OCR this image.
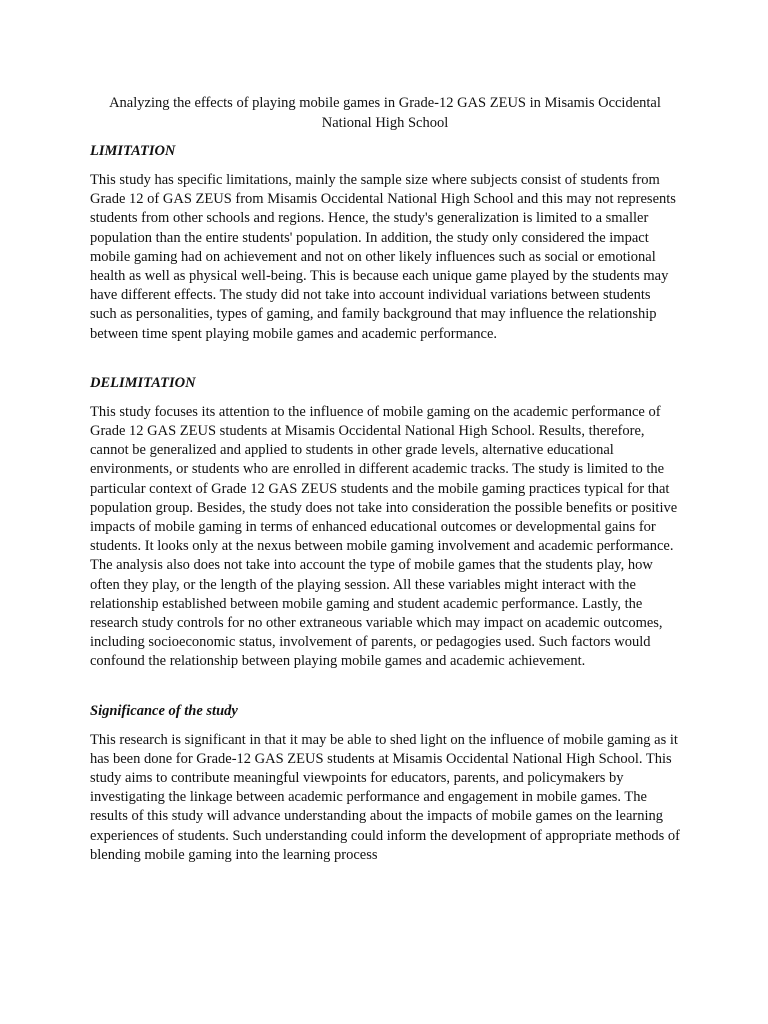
Analyzing the effects of playing mobile games in Grade-12 GAS ZEUS in Misamis Occidental National High School

LIMITATION

This study has specific limitations, mainly the sample size where subjects consist of students from Grade 12 of GAS ZEUS from Misamis Occidental National High School and this may not represents students from other schools and regions. Hence, the study's generalization is limited to a smaller population than the entire students' population. In addition, the study only considered the impact mobile gaming had on achievement and not on other likely influences such as social or emotional health as well as physical well-being. This is because each unique game played by the students may have different effects. The study did not take into account individual variations between students such as personalities, types of gaming, and family background that may influence the relationship between time spent playing mobile games and academic performance.

DELIMITATION

This study focuses its attention to the influence of mobile gaming on the academic performance of Grade 12 GAS ZEUS students at Misamis Occidental National High School. Results, therefore, cannot be generalized and applied to students in other grade levels, alternative educational environments, or students who are enrolled in different academic tracks. The study is limited to the particular context of Grade 12 GAS ZEUS students and the mobile gaming practices typical for that population group. Besides, the study does not take into consideration the possible benefits or positive impacts of mobile gaming in terms of enhanced educational outcomes or developmental gains for students. It looks only at the nexus between mobile gaming involvement and academic performance. The analysis also does not take into account the type of mobile games that the students play, how often they play, or the length of the playing session. All these variables might interact with the relationship established between mobile gaming and student academic performance. Lastly, the research study controls for no other extraneous variable which may impact on academic outcomes, including socioeconomic status, involvement of parents, or pedagogies used. Such factors would confound the relationship between playing mobile games and academic achievement.

Significance of the study

This research is significant in that it may be able to shed light on the influence of mobile gaming as it has been done for Grade-12 GAS ZEUS students at Misamis Occidental National High School. This study aims to contribute meaningful viewpoints for educators, parents, and policymakers by investigating the linkage between academic performance and engagement in mobile games. The results of this study will advance understanding about the impacts of mobile games on the learning experiences of students. Such understanding could inform the development of appropriate methods of blending mobile gaming into the learning process
